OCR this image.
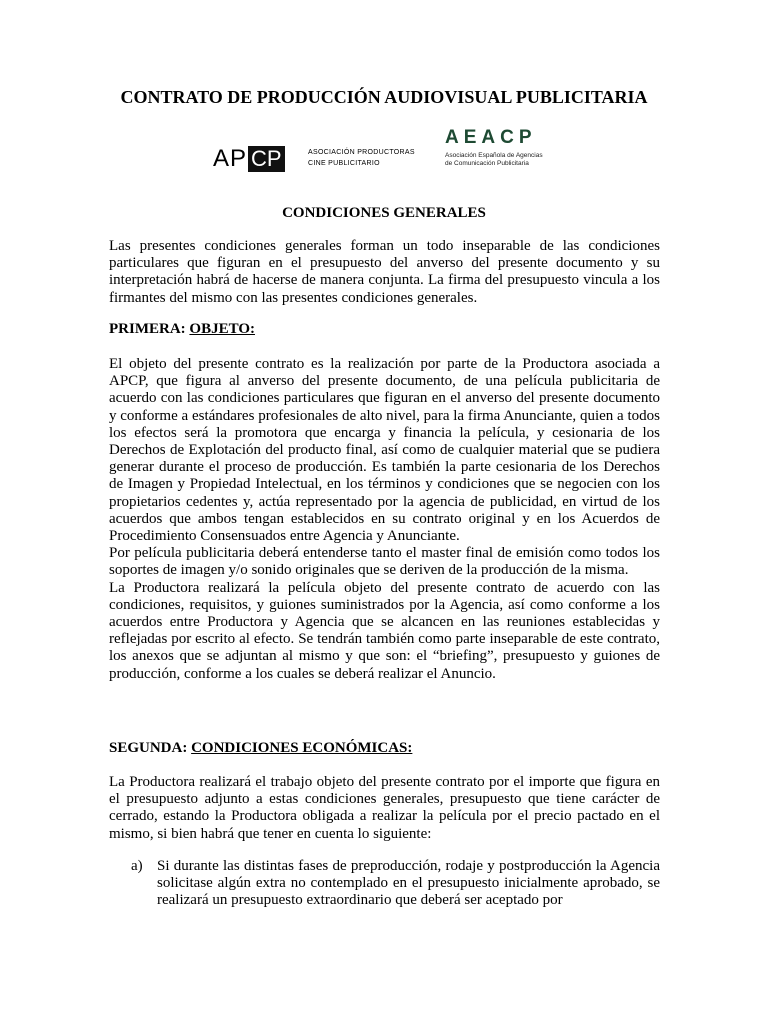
CONTRATO DE PRODUCCIÓN AUDIOVISUAL PUBLICITARIA
AP CP	ASOCIACIÓN PRODUCTORAS
CINE PUBLICITARIO
AEACP
Asociación Española de Agencias
de Comunicación Publicitaria
CONDICIONES GENERALES

Las presentes condiciones generales forman un todo inseparable de las condiciones particulares que figuran en el presupuesto del anverso del presente documento y su interpretación habrá de hacerse de manera conjunta. La firma del presupuesto vincula a los firmantes del mismo con las presentes condiciones generales.

PRIMERA: OBJETO:

El objeto del presente contrato es la realización por parte de la Productora asociada a APCP, que figura al anverso del presente documento, de una película publicitaria de acuerdo con las condiciones particulares que figuran en el anverso del presente documento y conforme a estándares profesionales de alto nivel, para la firma Anunciante, quien a todos los efectos será la promotora que encarga y financia la película, y cesionaria de los Derechos de Explotación del producto final, así como de cualquier material que se pudiera generar durante el proceso de producción. Es también la parte cesionaria de los Derechos de Imagen y Propiedad Intelectual, en los términos y condiciones que se negocien con los propietarios cedentes y, actúa representado por la agencia de publicidad, en virtud de los acuerdos que ambos tengan establecidos en su contrato original y en los Acuerdos de Procedimiento Consensuados entre Agencia y Anunciante.

Por película publicitaria deberá entenderse tanto el master final de emisión como todos los soportes de imagen y/o sonido originales que se deriven de la producción de la misma.

La Productora realizará la película objeto del presente contrato de acuerdo con las condiciones, requisitos, y guiones suministrados por la Agencia, así como conforme a los acuerdos entre Productora y Agencia que se alcancen en las reuniones establecidas y reflejadas por escrito al efecto. Se tendrán también como parte inseparable de este contrato, los anexos que se adjuntan al mismo y que son: el “briefing”, presupuesto y guiones de producción, conforme a los cuales se deberá realizar el Anuncio.

SEGUNDA: CONDICIONES ECONÓMICAS:

La Productora realizará el trabajo objeto del presente contrato por el importe que figura en el presupuesto adjunto a estas condiciones generales, presupuesto que tiene carácter de cerrado, estando la Productora obligada a realizar la película por el precio pactado en el mismo, si bien habrá que tener en cuenta lo siguiente:

a) Si durante las distintas fases de preproducción, rodaje y postproducción la Agencia solicitase algún extra no contemplado en el presupuesto inicialmente aprobado, se realizará un presupuesto extraordinario que deberá ser aceptado por
